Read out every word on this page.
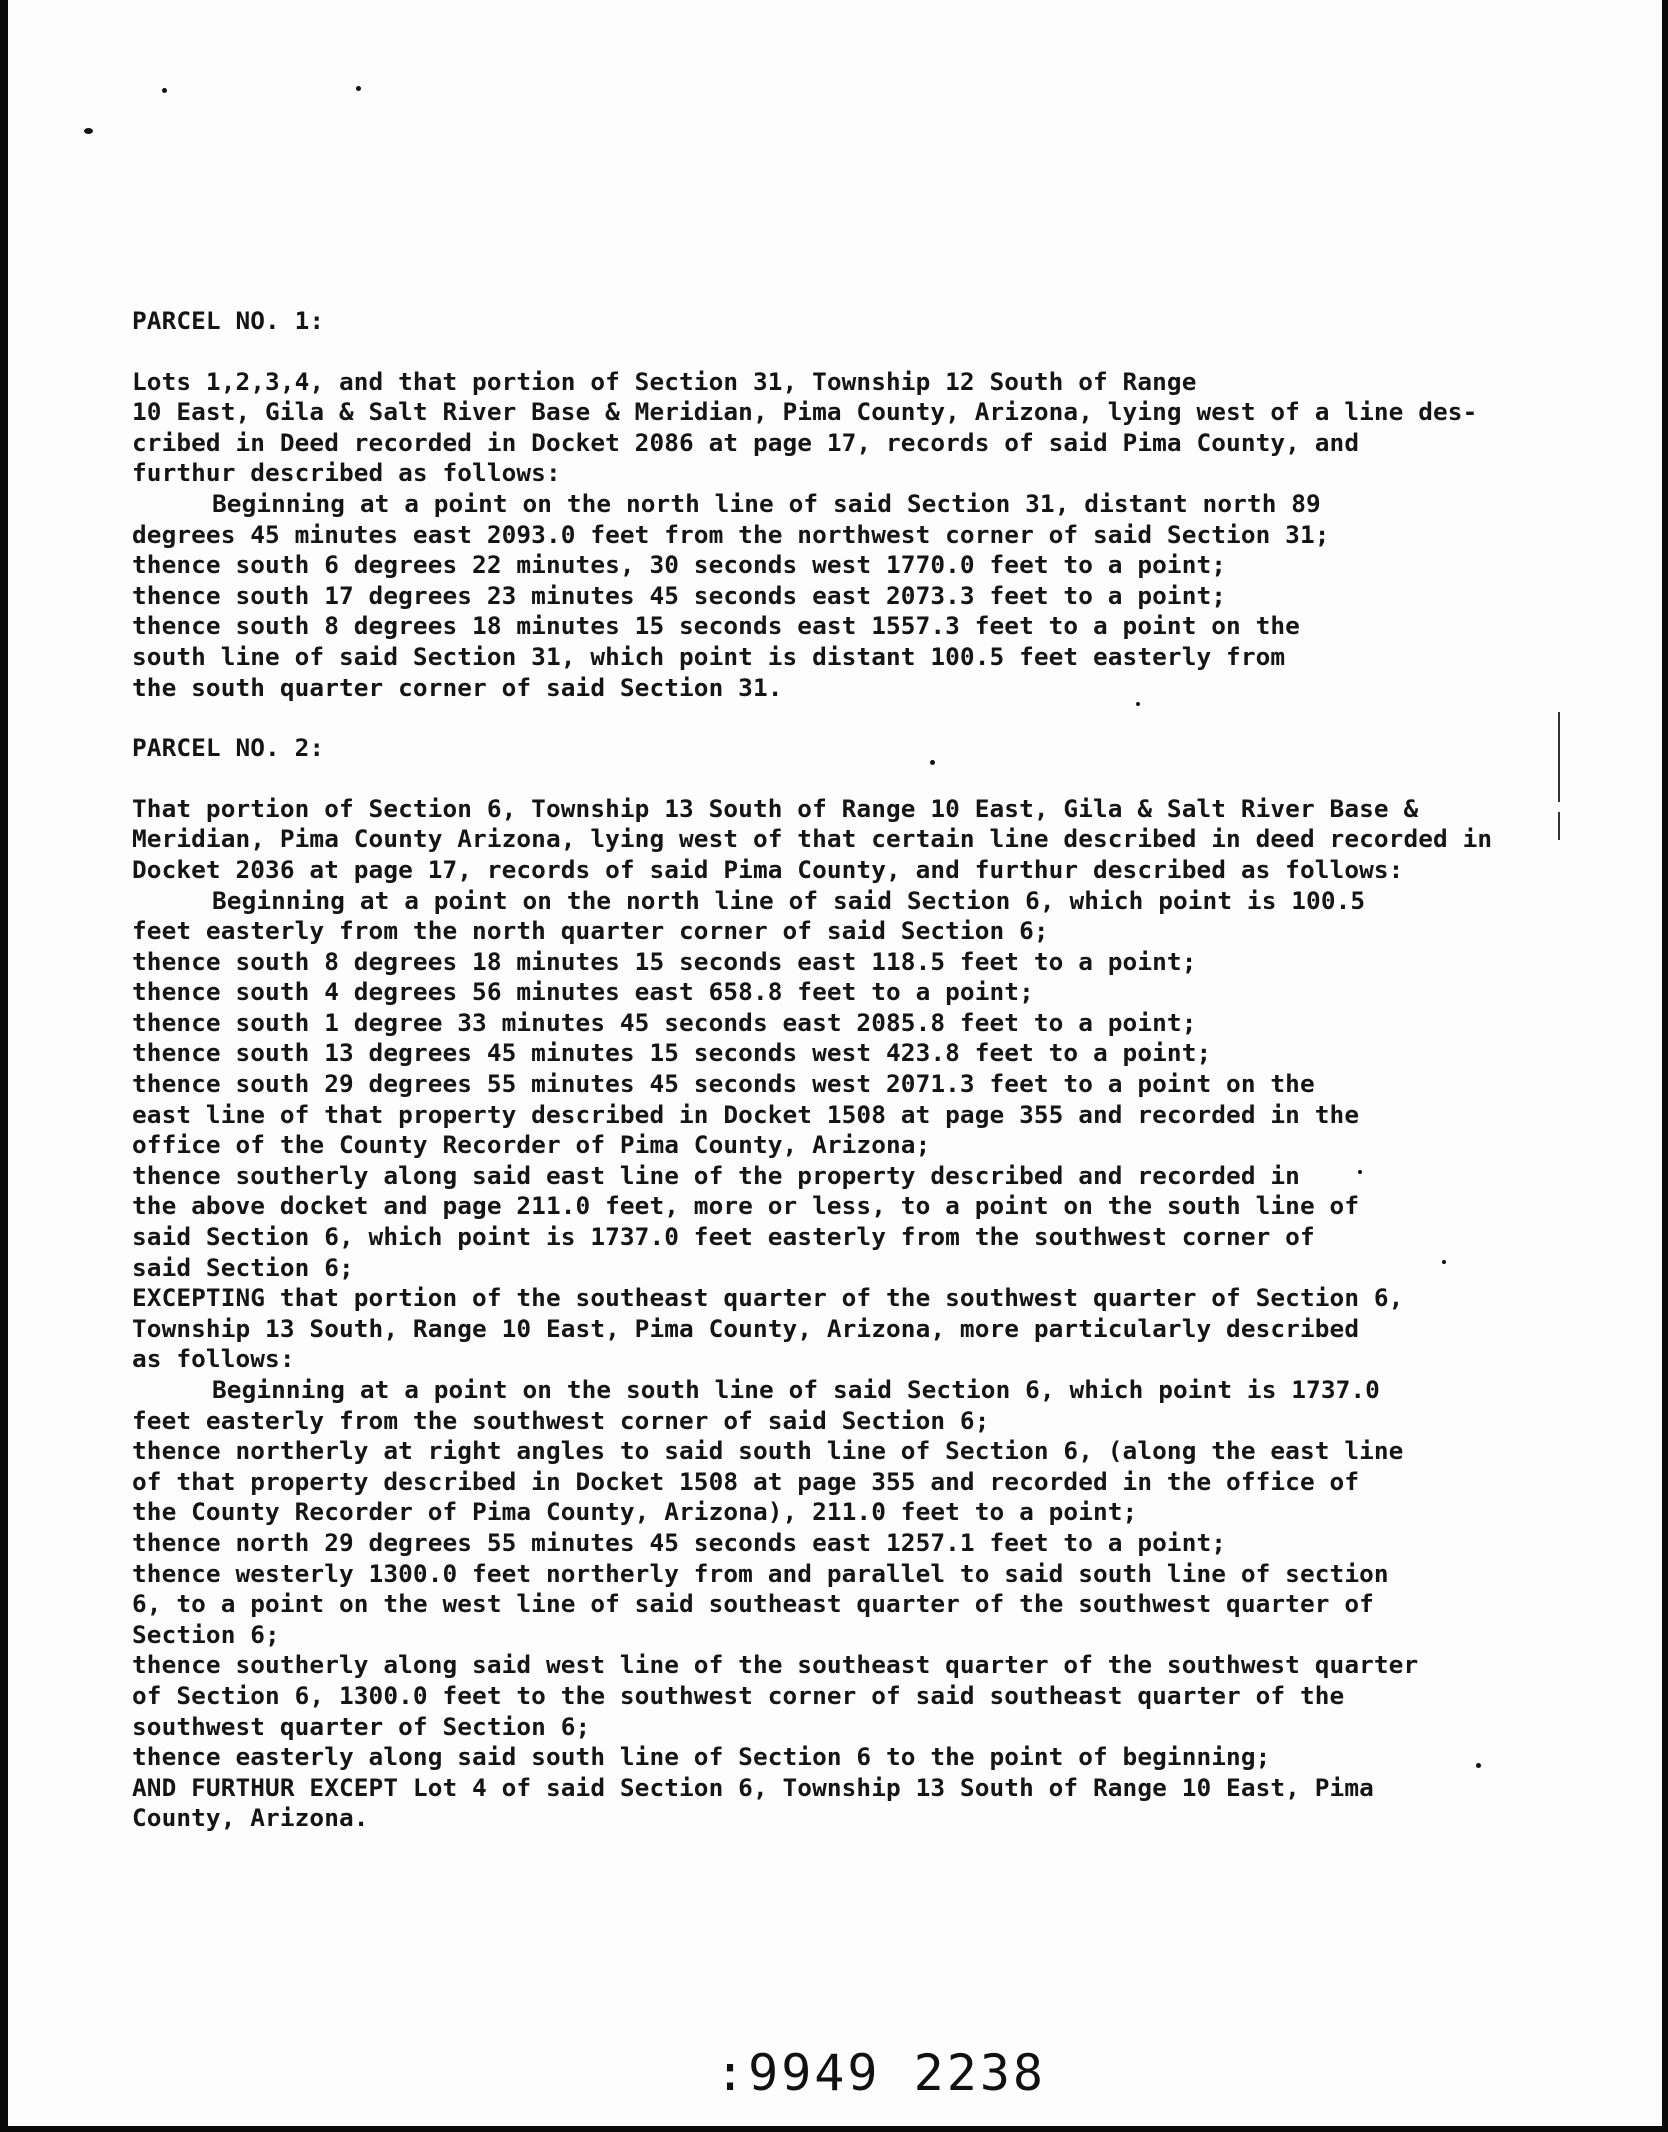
PARCEL NO. 1:
Lots 1,2,3,4, and that portion of Section 31, Township 12 South of Range
10 East, Gila & Salt River Base & Meridian, Pima County, Arizona, lying west of a line des-
cribed in Deed recorded in Docket 2086 at page 17, records of said Pima County, and
furthur described as follows:
Beginning at a point on the north line of said Section 31, distant north 89
degrees 45 minutes east 2093.0 feet from the northwest corner of said Section 31;
thence south 6 degrees 22 minutes, 30 seconds west 1770.0 feet to a point;
thence south 17 degrees 23 minutes 45 seconds east 2073.3 feet to a point;
thence south 8 degrees 18 minutes 15 seconds east 1557.3 feet to a point on the
south line of said Section 31, which point is distant 100.5 feet easterly from
the south quarter corner of said Section 31.
PARCEL NO. 2:
That portion of Section 6, Township 13 South of Range 10 East, Gila & Salt River Base &
Meridian, Pima County Arizona, lying west of that certain line described in deed recorded in
Docket 2036 at page 17, records of said Pima County, and furthur described as follows:
Beginning at a point on the north line of said Section 6, which point is 100.5
feet easterly from the north quarter corner of said Section 6;
thence south 8 degrees 18 minutes 15 seconds east 118.5 feet to a point;
thence south 4 degrees 56 minutes east 658.8 feet to a point;
thence south 1 degree 33 minutes 45 seconds east 2085.8 feet to a point;
thence south 13 degrees 45 minutes 15 seconds west 423.8 feet to a point;
thence south 29 degrees 55 minutes 45 seconds west 2071.3 feet to a point on the
east line of that property described in Docket 1508 at page 355 and recorded in the
office of the County Recorder of Pima County, Arizona;
thence southerly along said east line of the property described and recorded in
the above docket and page 211.0 feet, more or less, to a point on the south line of
said Section 6, which point is 1737.0 feet easterly from the southwest corner of
said Section 6;
EXCEPTING that portion of the southeast quarter of the southwest quarter of Section 6,
Township 13 South, Range 10 East, Pima County, Arizona, more particularly described
as follows:
Beginning at a point on the south line of said Section 6, which point is 1737.0
feet easterly from the southwest corner of said Section 6;
thence northerly at right angles to said south line of Section 6, (along the east line
of that property described in Docket 1508 at page 355 and recorded in the office of
the County Recorder of Pima County, Arizona), 211.0 feet to a point;
thence north 29 degrees 55 minutes 45 seconds east 1257.1 feet to a point;
thence westerly 1300.0 feet northerly from and parallel to said south line of section
6, to a point on the west line of said southeast quarter of the southwest quarter of
Section 6;
thence southerly along said west line of the southeast quarter of the southwest quarter
of Section 6, 1300.0 feet to the southwest corner of said southeast quarter of the
southwest quarter of Section 6;
thence easterly along said south line of Section 6 to the point of beginning;
AND FURTHUR EXCEPT Lot 4 of said Section 6, Township 13 South of Range 10 East, Pima
County, Arizona.
:9949 2238
